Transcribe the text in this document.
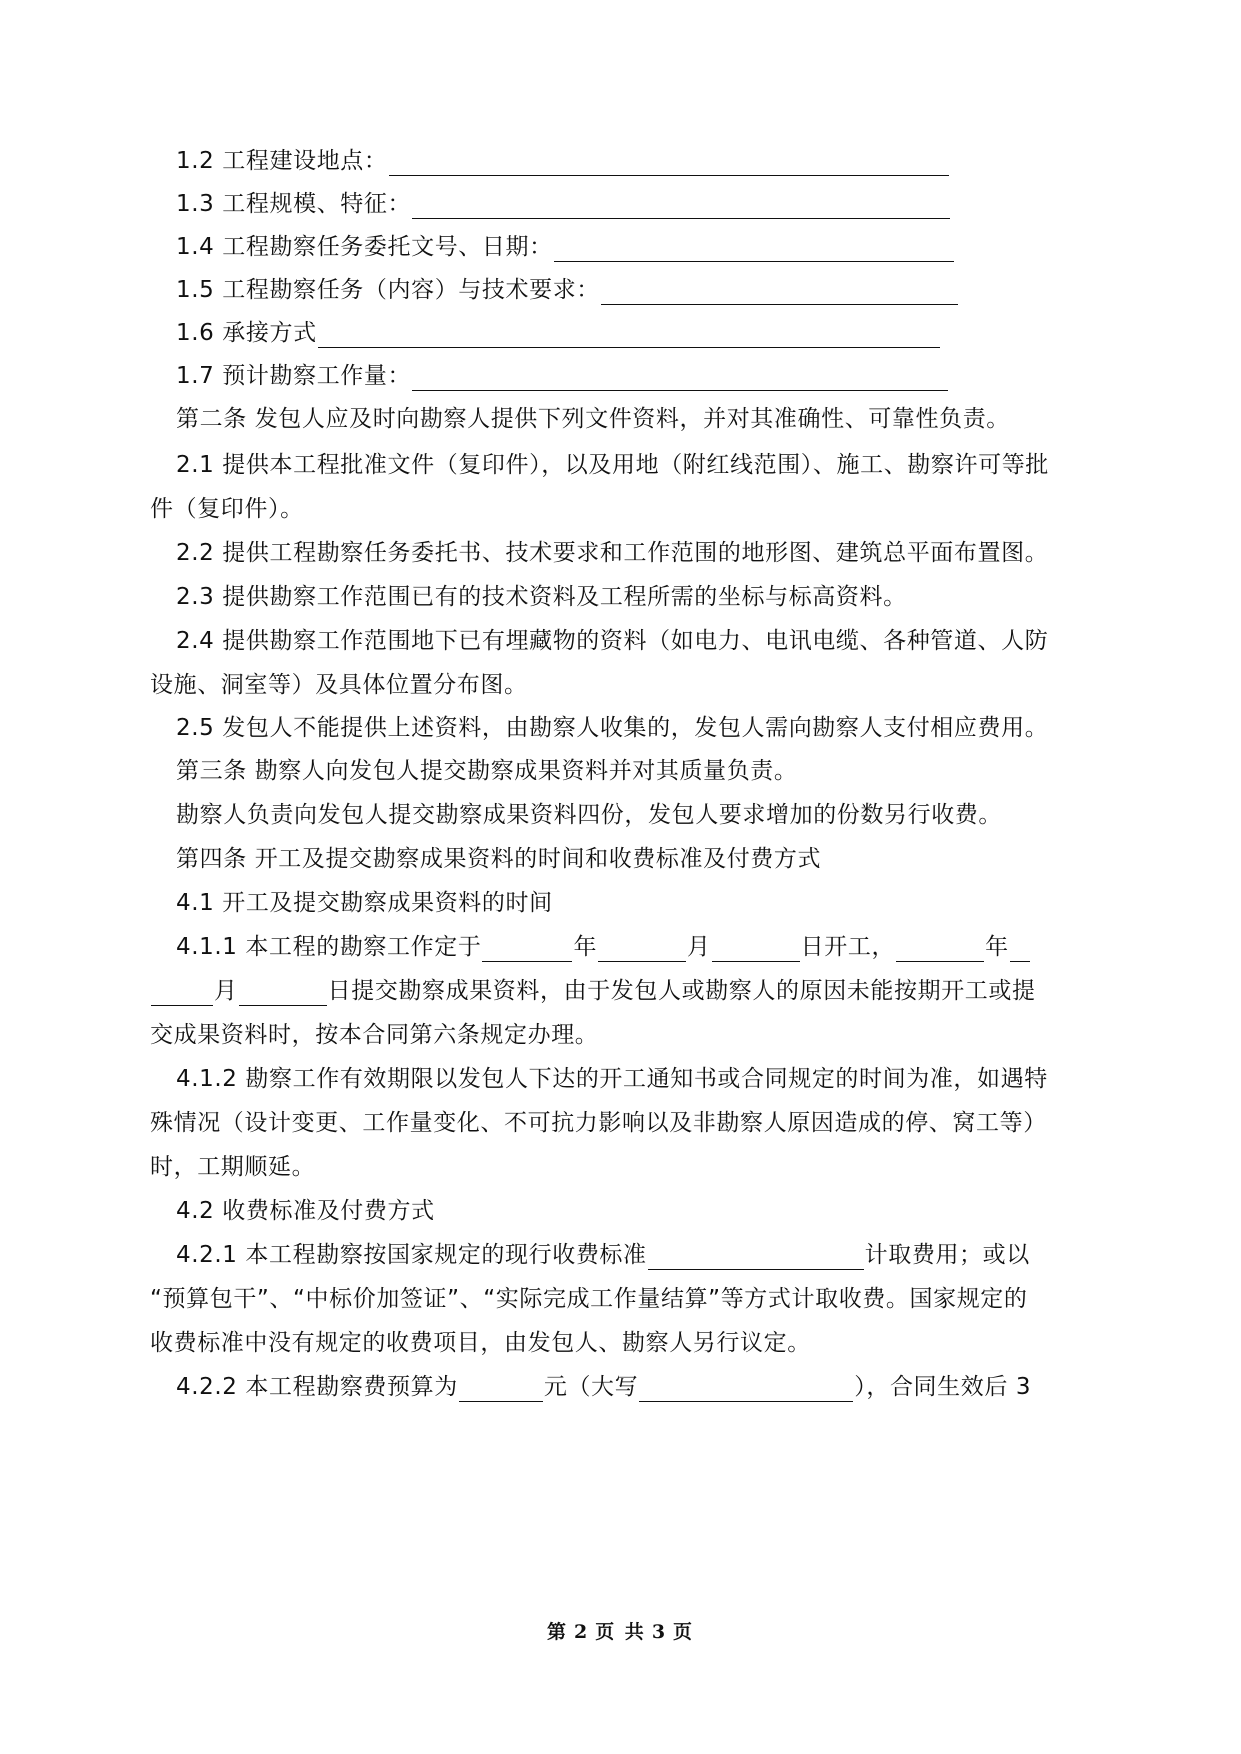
1.2 工程建设地点：
1.3 工程规模、特征：
1.4 工程勘察任务委托文号、日期：
1.5 工程勘察任务（内容）与技术要求：
1.6 承接方式
1.7 预计勘察工作量：
第二条 发包人应及时向勘察人提供下列文件资料，并对其准确性、可靠性负责。
2.1 提供本工程批准文件（复印件），以及用地（附红线范围）、施工、勘察许可等批
件（复印件）。
2.2 提供工程勘察任务委托书、技术要求和工作范围的地形图、建筑总平面布置图。
2.3 提供勘察工作范围已有的技术资料及工程所需的坐标与标高资料。
2.4 提供勘察工作范围地下已有埋藏物的资料（如电力、电讯电缆、各种管道、人防
设施、洞室等）及具体位置分布图。
2.5 发包人不能提供上述资料，由勘察人收集的，发包人需向勘察人支付相应费用。
第三条 勘察人向发包人提交勘察成果资料并对其质量负责。
勘察人负责向发包人提交勘察成果资料四份，发包人要求增加的份数另行收费。
第四条 开工及提交勘察成果资料的时间和收费标准及付费方式
4.1 开工及提交勘察成果资料的时间
4.1.1 本工程的勘察工作定于	年	月	日开工，	年
月	日提交勘察成果资料，由于发包人或勘察人的原因未能按期开工或提
交成果资料时，按本合同第六条规定办理。
4.1.2 勘察工作有效期限以发包人下达的开工通知书或合同规定的时间为准，如遇特
殊情况（设计变更、工作量变化、不可抗力影响以及非勘察人原因造成的停、窝工等）
时，工期顺延。
4.2 收费标准及付费方式
4.2.1 本工程勘察按国家规定的现行收费标准	计取费用；或以
“预算包干”、“中标价加签证”、“实际完成工作量结算”等方式计取收费。国家规定的
收费标准中没有规定的收费项目，由发包人、勘察人另行议定。
4.2.2 本工程勘察费预算为	元（大写	），合同生效后 3
第 2 页 共 3 页
